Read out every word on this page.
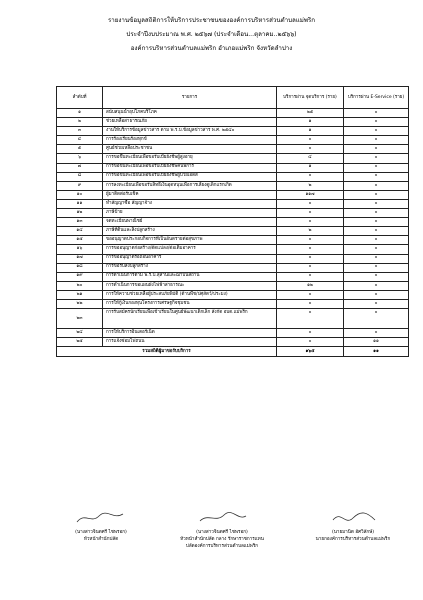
รายงานข้อมูลสถิติการให้บริการประชาชนขององค์การบริหารส่วนตำบลแม่พริก
ประจำปีงบประมาณ พ.ศ. ๒๕๖๗ (ประจำเดือน...ตุลาคม..๒๕๖๖)
องค์การบริหารส่วนตำบลแม่พริก อำเภอแม่พริก จังหวัดลำปาง
ลำดับที่	รายการ	บริการผ่าน จุดบริการ (ราย)	บริการผ่าน E-Service (ราย)
๑	สนับสนุนน้ำอุปโภคบริโภค	๒๕	๐
๒	ช่วยเหลือสาธารณภัย	๑	๐
๓	งานให้บริการข้อมูลข่าวสาร ตาม พ.ร.บ.ข้อมูลข่าวสาร พ.ศ. ๒๕๔๐	๑	๐
๔	การร้องเรียนร้องทุกข์	๐	๐
๕	ศูนย์ช่วยเหลือประชาชน	๐	๐
๖	การขอขึ้นทะเบียนเพื่อขอรับเบี้ยยังชีพผู้สูงอายุ	๔	๐
๗	การขอขึ้นทะเบียนเพื่อขอรับเบี้ยยังชีพคนพิการ	๑	๐
๘	การขอขึ้นทะเบียนเพื่อขอรับเบี้ยยังชีพผู้ป่วยเอดส์	๐	๐
๙	การลงทะเบียนเพื่อขอรับสิทธิ์เงินอุดหนุนเพื่อการเลี้ยงดูเด็กแรกเกิด	๒	๐
๑๐	ผู้มาติดต่อรับเช็ค	๑๑๗	๐
๑๑	ทำสัญญาซื้อ สัญญาจ้าง	๐	๐
๑๒	ภาษีป้าย	๐	๐
๑๓	จดทะเบียนพาณิชย์	๐	๐
๑๔	ภาษีที่ดินและสิ่งปลูกสร้าง	๒	๐
๑๕	ขออนุญาตประกอบกิจการที่เป็นอันตรายต่อสุขภาพ	๐	๐
๑๖	การขออนุญาตก่อสร้าง/ดัดแปลง/ต่อเติมอาคาร	๐	๐
๑๗	การขออนุญาตรื้อถอนอาคาร	๐	๐
๑๘	การขอรับสิ่งปลูกสร้าง	๐	๐
๑๙	การดำเนินการตาม พ.ร.บ.สุสานและฌาปนสถาน	๐	๐
๒๐	การดำเนินการขอแผนผังไฟฟ้าสาธารณะ	๑๒	๐
๒๑	การให้ความช่วยเหลือผู้ประสบภัยพิบัติ (ด้านพืช/ปศุสัตว์/ประมง)	๐	๐
๒๒	การให้กู้เงินกองทุนโครงการเศรษฐกิจชุมชน	๐	๐
๒๓	การรับสมัครนักเรียนเพื่อเข้าเรียนในศูนย์พัฒนาเด็กเล็ก สังกัด อบต.แม่พริก	๐	๐
๒๔	การให้บริการอินเตอร์เน็ต	๐	๐
๒๕	การแจ้งซ่อมไฟถนน	๐	๑๑
รวมสถิติผู้มาขอรับบริการ		๑๖๕	๑๑
(นางสาวจินตศรี ไชพรอก)
หัวหน้าสำนักปลัด
(นางสาวจินตศรี ไชพรอก)
หัวหน้าสำนักปลัด กลาง รักษาราชการแทน
ปลัดองค์การบริหารส่วนตำบลแม่พริก
(นายมานิต อัศวิลักษ์)
นายกองค์การบริหารส่วนตำบลแม่พริก
